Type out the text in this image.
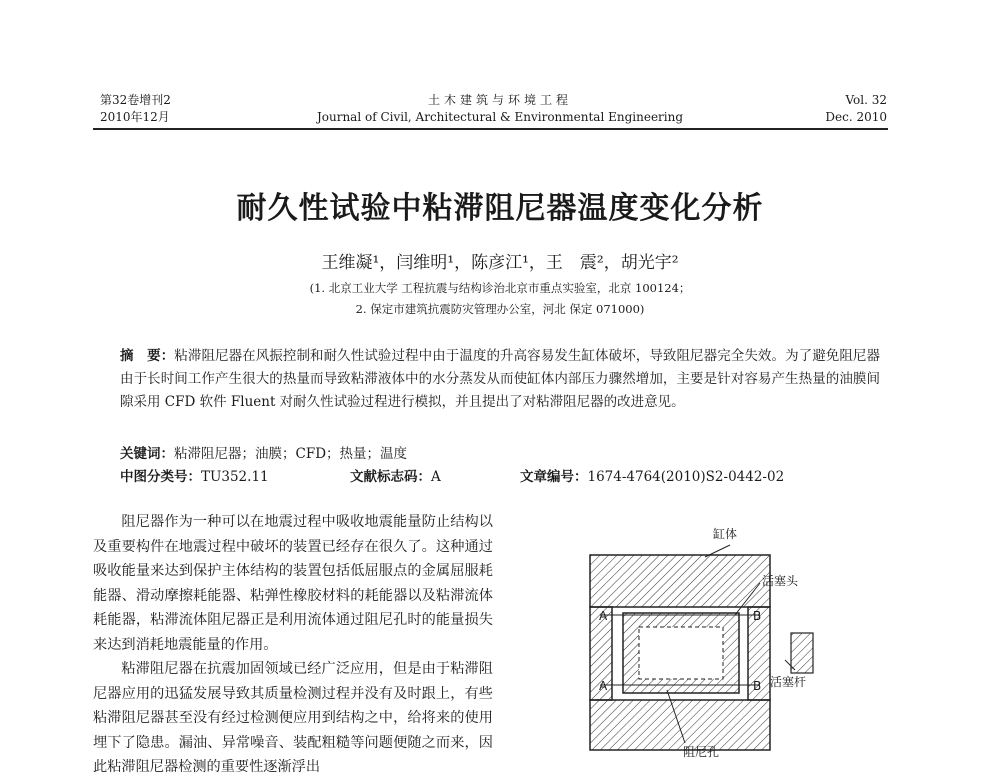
第32卷增刊2
2010年12月
土木建筑与环境工程
Journal of Civil, Architectural & Environmental Engineering
Vol. 32
Dec. 2010
耐久性试验中粘滞阻尼器温度变化分析
王维凝¹，闫维明¹，陈彦江¹，王　震²，胡光宇²
(1. 北京工业大学 工程抗震与结构诊治北京市重点实验室，北京 100124；
2. 保定市建筑抗震防灾管理办公室，河北 保定 071000)
摘　要：粘滞阻尼器在风振控制和耐久性试验过程中由于温度的升高容易发生缸体破坏，导致阻尼器完全失效。为了避免阻尼器由于长时间工作产生很大的热量而导致粘滞液体中的水分蒸发从而使缸体内部压力骤然增加，主要是针对容易产生热量的油膜间隙采用 CFD 软件 Fluent 对耐久性试验过程进行模拟，并且提出了对粘滞阻尼器的改进意见。
关键词：粘滞阻尼器；油膜；CFD；热量；温度
中图分类号：TU352.11	文献标志码：A	文章编号：1674-4764(2010)S2-0442-02

阻尼器作为一种可以在地震过程中吸收地震能量防止结构以及重要构件在地震过程中破坏的装置已经存在很久了。这种通过吸收能量来达到保护主体结构的装置包括低屈服点的金属屈服耗能器、滑动摩擦耗能器、粘弹性橡胶材料的耗能器以及粘滞流体耗能器，粘滞流体阻尼器正是利用流体通过阻尼孔时的能量损失来达到消耗地震能量的作用。

粘滞阻尼器在抗震加固领域已经广泛应用，但是由于粘滞阻尼器应用的迅猛发展导致其质量检测过程并没有及时跟上，有些粘滞阻尼器甚至没有经过检测便应用到结构之中，给将来的使用埋下了隐患。漏油、异常噪音、装配粗糙等问题便随之而来，因此粘滞阻尼器检测的重要性逐渐浮出

缸体
活塞头
活塞杆
阻尼孔
A	B
A	B
